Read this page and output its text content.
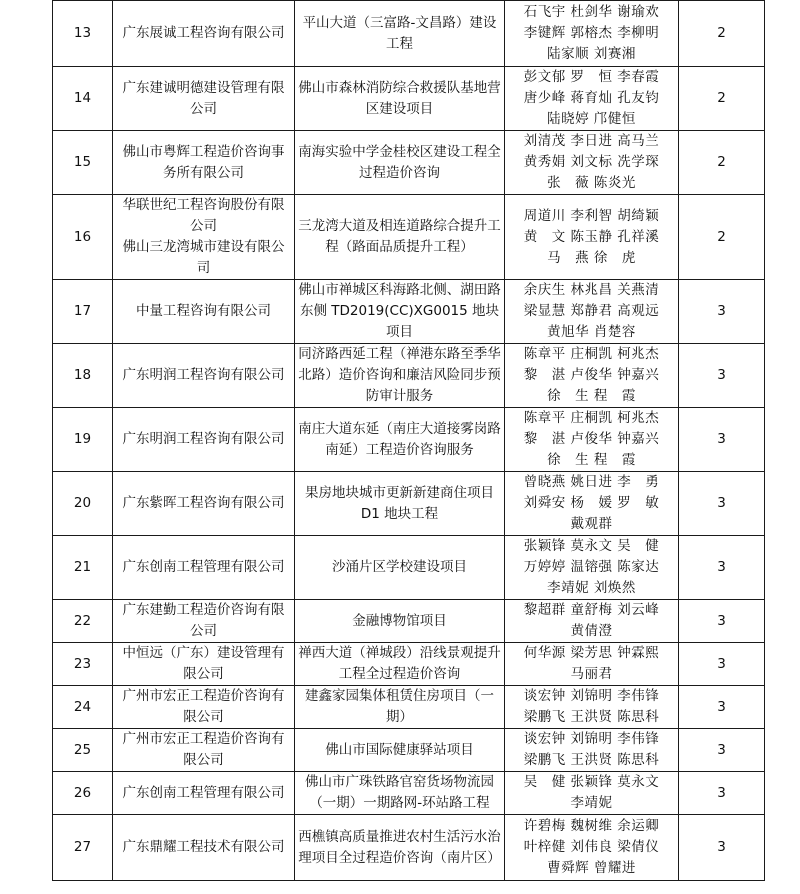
13	广东展诚工程咨询有限公司	平山大道（三富路-文昌路）建设工程	石飞宇 杜剑华 谢瑜欢
李键辉 郭榕杰 李柳明
陆家顺 刘赛湘	2
14	广东建诚明德建设管理有限公司	佛山市森林消防综合救援队基地营区建设项目	彭文郁 罗　恒 李春霞
唐少峰 蒋育灿 孔友钧
陆晓婷 邝健恒	2
15	佛山市粤辉工程造价咨询事务所有限公司	南海实验中学金桂校区建设工程全过程造价咨询	刘清茂 李日进 高马兰
黄秀娟 刘文标 冼学琛
张　薇 陈炎光	2
16	华联世纪工程咨询股份有限公司
佛山三龙湾城市建设有限公司	三龙湾大道及相连道路综合提升工程（路面品质提升工程）	周道川 李利智 胡绮颖
黄　文 陈玉静 孔祥溪
马　燕 徐　虎	2
17	中量工程咨询有限公司	佛山市禅城区科海路北侧、湖田路东侧 TD2019(CC)XG0015 地块项目	余庆生 林兆昌 关燕清
梁显慧 郑静君 高观远
黄旭华 肖楚容	3
18	广东明润工程咨询有限公司	同济路西延工程（禅港东路至季华北路）造价咨询和廉洁风险同步预防审计服务	陈章平 庄桐凯 柯兆杰
黎　湛 卢俊华 钟嘉兴
徐　生 程　霞	3
19	广东明润工程咨询有限公司	南庄大道东延（南庄大道接雾岗路南延）工程造价咨询服务	陈章平 庄桐凯 柯兆杰
黎　湛 卢俊华 钟嘉兴
徐　生 程　霞	3
20	广东紫晖工程咨询有限公司	果房地块城市更新新建商住项目 D1 地块工程	曾晓燕 姚日进 李　勇
刘舜安 杨　媛 罗　敏
戴观群	3
21	广东创南工程管理有限公司	沙涌片区学校建设项目	张颖锋 莫永文 吴　健
万婷婷 温镕强 陈家达
李靖妮 刘焕然	3
22	广东建勤工程造价咨询有限公司	金融博物馆项目	黎超群 童舒梅 刘云峰
黄倩澄	3
23	中恒远（广东）建设管理有限公司	禅西大道（禅城段）沿线景观提升工程全过程造价咨询	何华源 梁芳思 钟霖熙
马丽君	3
24	广州市宏正工程造价咨询有限公司	建鑫家园集体租赁住房项目（一期）	谈宏钟 刘锦明 李伟锋
梁鹏飞 王洪贤 陈思科	3
25	广州市宏正工程造价咨询有限公司	佛山市国际健康驿站项目	谈宏钟 刘锦明 李伟锋
梁鹏飞 王洪贤 陈思科	3
26	广东创南工程管理有限公司	佛山市广珠铁路官窑货场物流园（一期）一期路网-环站路工程	吴　健 张颖锋 莫永文
李靖妮	3
27	广东鼎耀工程技术有限公司	西樵镇高质量推进农村生活污水治理项目全过程造价咨询（南片区）	许碧梅 魏树维 余运卿
叶梓健 刘伟良 梁倩仪
曹舜辉 曾耀进	3
